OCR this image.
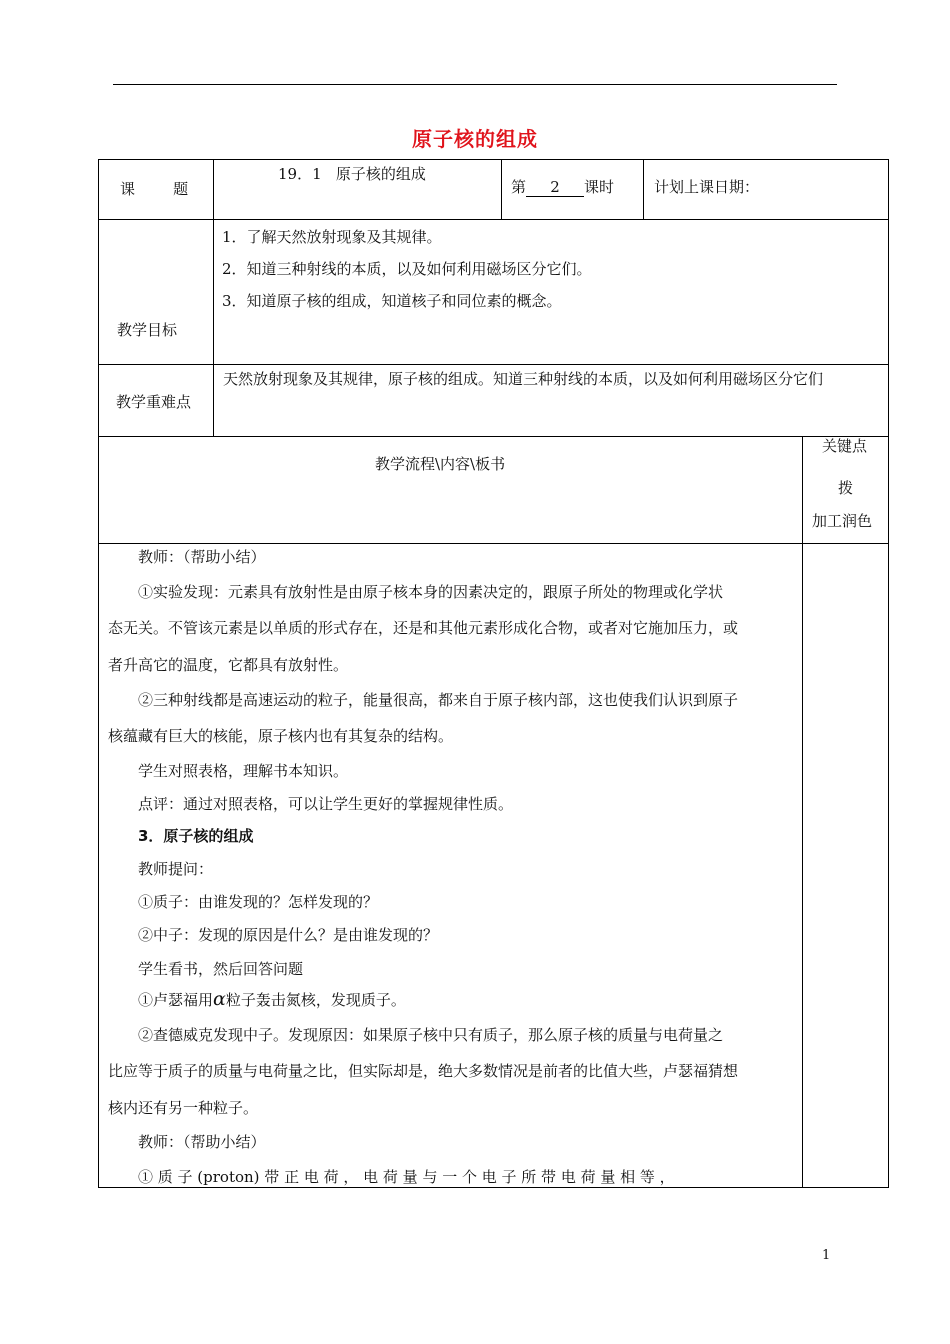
原子核的组成
课        题
19．1   原子核的组成
第 2 课时	计划上课日期：
教学目标
1．了解天然放射现象及其规律。
2．知道三种射线的本质，以及如何利用磁场区分它们。
3．知道原子核的组成，知道核子和同位素的概念。
教学重难点
天然放射现象及其规律，原子核的组成。知道三种射线的本质，以及如何利用磁场区分它们
教学流程\内容\板书
关键点
拨
加工润色

教师：（帮助小结）

①实验发现：元素具有放射性是由原子核本身的因素决定的，跟原子所处的物理或化学状

态无关。不管该元素是以单质的形式存在，还是和其他元素形成化合物，或者对它施加压力，或

者升高它的温度，它都具有放射性。

②三种射线都是高速运动的粒子，能量很高，都来自于原子核内部，这也使我们认识到原子

核蕴藏有巨大的核能，原子核内也有其复杂的结构。

学生对照表格，理解书本知识。

点评：通过对照表格，可以让学生更好的掌握规律性质。

3．原子核的组成

教师提问：

①质子：由谁发现的？怎样发现的？

②中子：发现的原因是什么？是由谁发现的？

学生看书，然后回答问题

①卢瑟福用α粒子轰击氮核，发现质子。

②查德威克发现中子。发现原因：如果原子核中只有质子，那么原子核的质量与电荷量之

比应等于质子的质量与电荷量之比，但实际却是，绝大多数情况是前者的比值大些，卢瑟福猜想

核内还有另一种粒子。

教师：（帮助小结）

① 质 子 (proton) 带 正 电 荷 ， 电 荷 量 与 一 个 电 子 所 带 电 荷 量 相 等 ，

1
